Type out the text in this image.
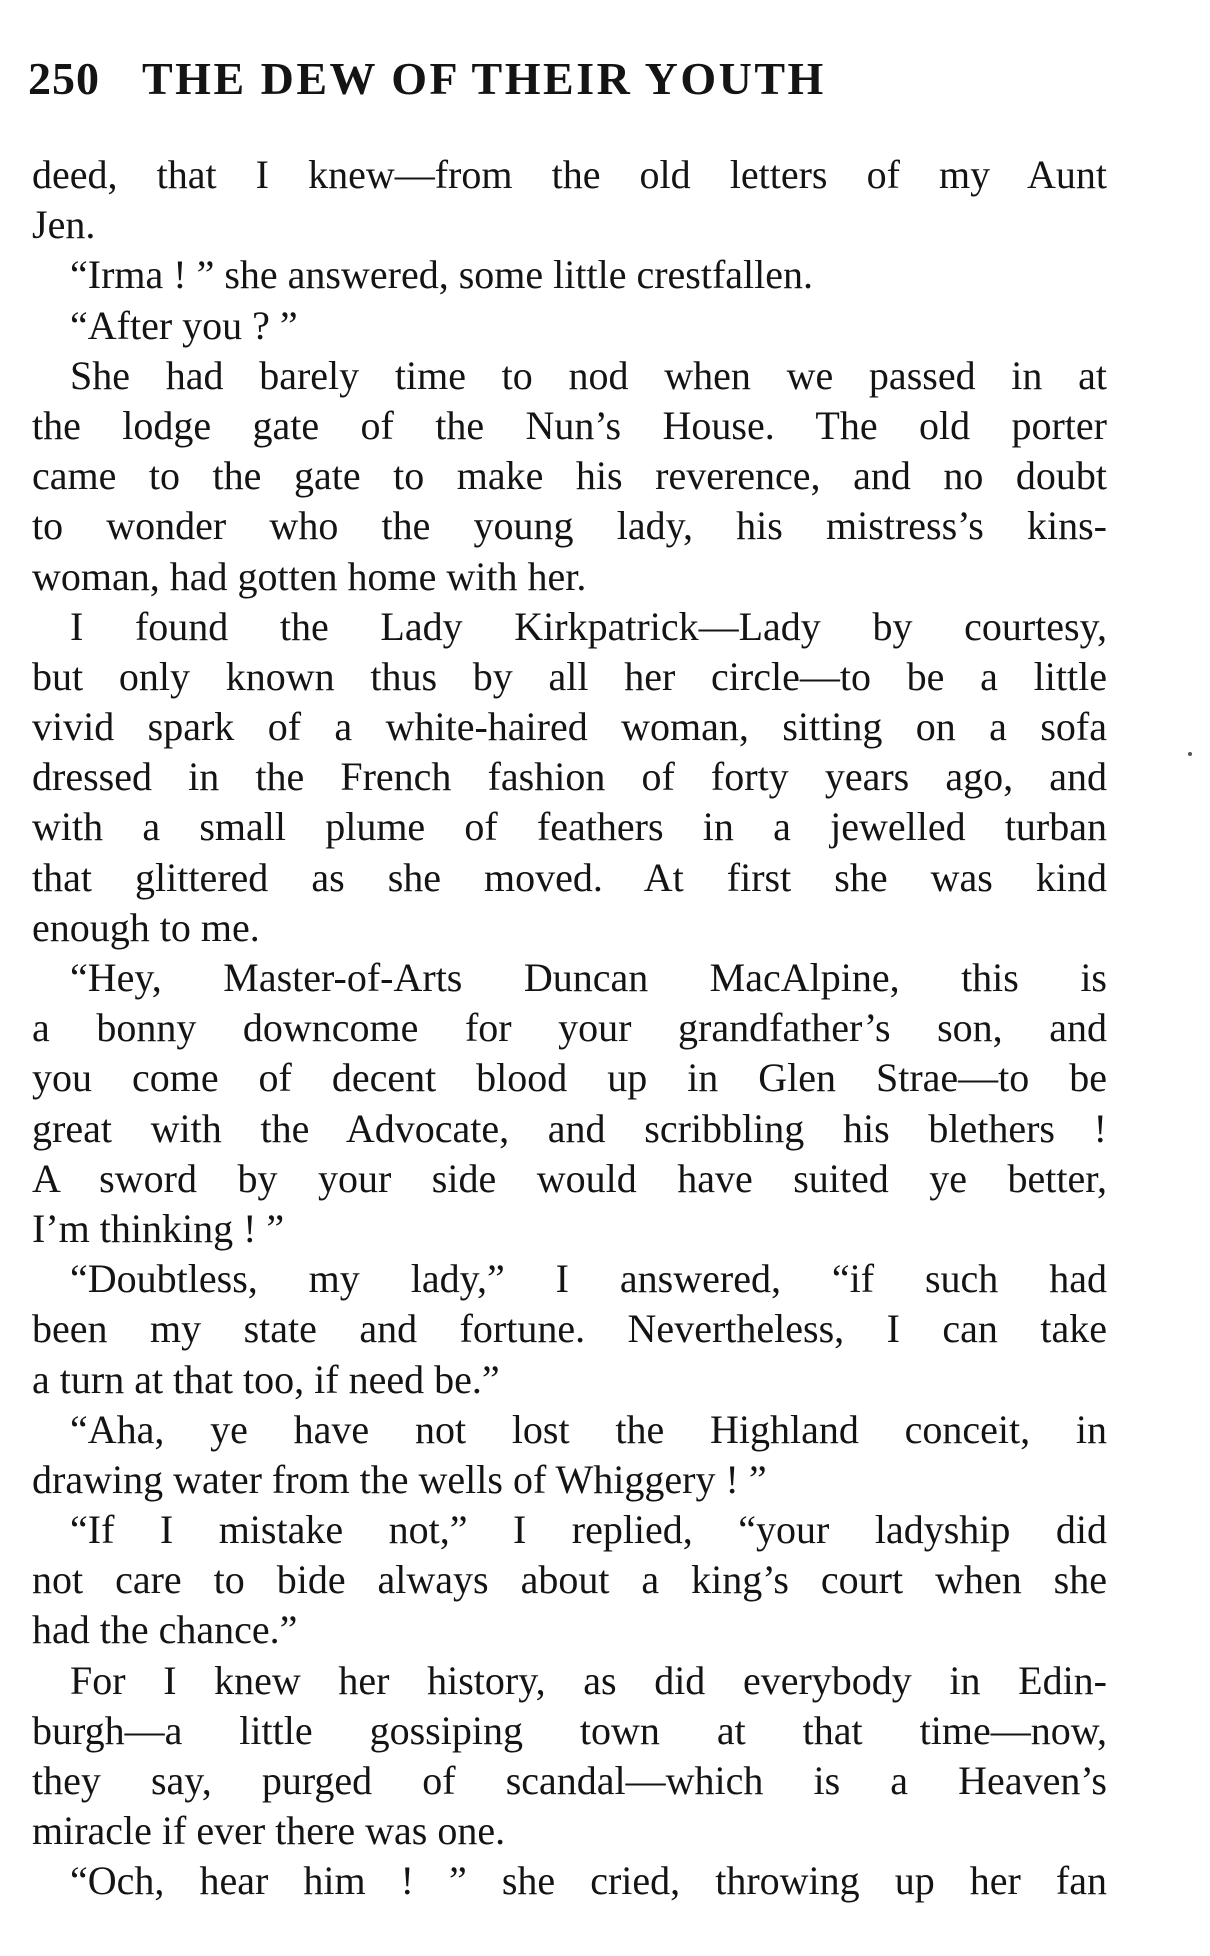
250 THE DEW OF THEIR YOUTH
deed, that I knew—from the old letters of my Aunt
Jen.
“Irma ! ” she answered, some little crestfallen.
“After you ? ”
She had barely time to nod when we passed in at
the lodge gate of the Nun’s House. The old porter
came to the gate to make his reverence, and no doubt
to wonder who the young lady, his mistress’s kins-
woman, had gotten home with her.
I found the Lady Kirkpatrick—Lady by courtesy,
but only known thus by all her circle—to be a little
vivid spark of a white-haired woman, sitting on a sofa
dressed in the French fashion of forty years ago, and
with a small plume of feathers in a jewelled turban
that glittered as she moved. At first she was kind
enough to me.
“Hey, Master-of-Arts Duncan MacAlpine, this is
a bonny downcome for your grandfather’s son, and
you come of decent blood up in Glen Strae—to be
great with the Advocate, and scribbling his blethers !
A sword by your side would have suited ye better,
I’m thinking ! ”
“Doubtless, my lady,” I answered, “if such had
been my state and fortune. Nevertheless, I can take
a turn at that too, if need be.”
“Aha, ye have not lost the Highland conceit, in
drawing water from the wells of Whiggery ! ”
“If I mistake not,” I replied, “your ladyship did
not care to bide always about a king’s court when she
had the chance.”
For I knew her history, as did everybody in Edin-
burgh—a little gossiping town at that time—now,
they say, purged of scandal—which is a Heaven’s
miracle if ever there was one.
“Och, hear him ! ” she cried, throwing up her fan
